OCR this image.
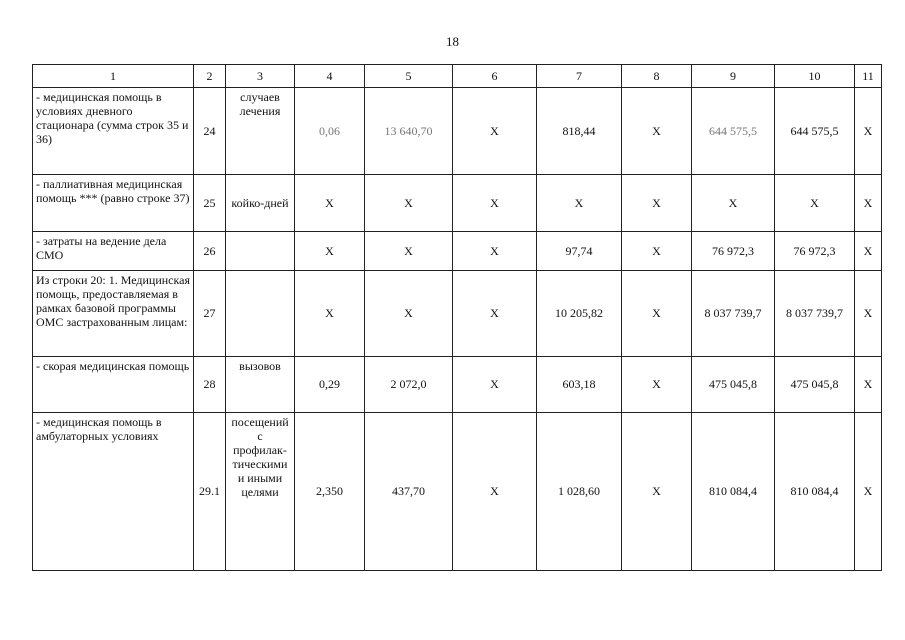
18
1	2	3	4	5	6	7	8	9	10	11
- медицинская помощь в условиях дневного стационара (сумма строк 35 и 36)	24	случаев лечения	0,06	13 640,70	X	818,44	X	644 575,5	644 575,5	X
- паллиативная медицинская помощь *** (равно строке 37)	25	койко-дней	X	X	X	X	X	X	X	X
- затраты на ведение дела СМО	26		X	X	X	97,74	X	76 972,3	76 972,3	X
Из строки 20: 1. Медицинская помощь, предоставляемая в рамках базовой программы ОМС застрахованным лицам:	27		X	X	X	10 205,82	X	8 037 739,7	8 037 739,7	X
- скорая медицинская помощь	28	вызовов	0,29	2 072,0	X	603,18	X	475 045,8	475 045,8	X
- медицинская помощь в амбулаторных условиях	29.1	посещений с профилак-тическими и иными целями	2,350	437,70	X	1 028,60	X	810 084,4	810 084,4	X
